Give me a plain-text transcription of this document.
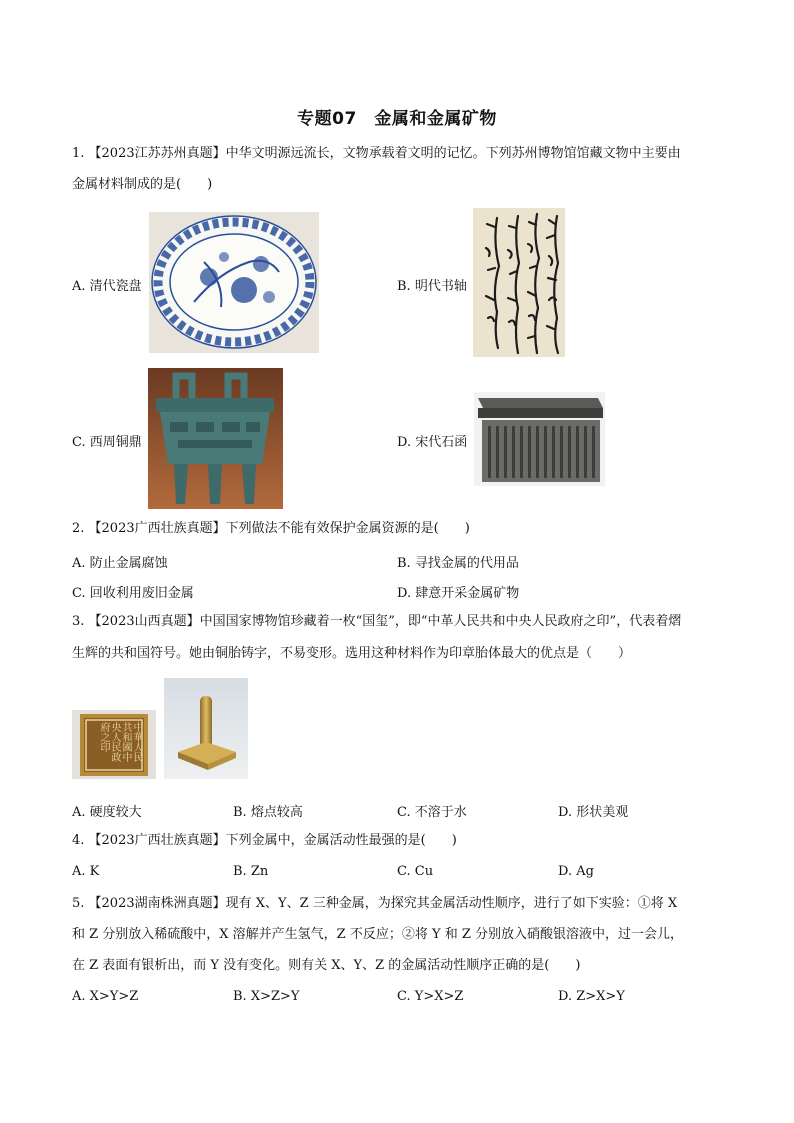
专题07　金属和金属矿物
1. 【2023江苏苏州真题】中华文明源远流长，文物承载着文明的记忆。下列苏州博物馆馆藏文物中主要由
金属材料制成的是(　　)
A. 清代瓷盘	B. 明代书轴
C. 西周铜鼎	D. 宋代石函
2. 【2023广西壮族真题】下列做法不能有效保护金属资源的是(　　)
A. 防止金属腐蚀	B. 寻找金属的代用品
C. 回收利用废旧金属	D. 肆意开采金属矿物
3. 【2023山西真题】中国国家博物馆珍藏着一枚“国玺”，即“中革人民共和中央人民政府之印”，代表着熠
生辉的共和国符号。她由铜胎铸字，不易变形。选用这种材料作为印章胎体最大的优点是（　　）
中華人民共和國中央人民政府之印
A. 硬度较大	B. 熔点较高	C. 不溶于水	D. 形状美观
4. 【2023广西壮族真题】下列金属中，金属活动性最强的是(　　)
A. K	B. Zn	C. Cu	D. Ag
5. 【2023湖南株洲真题】现有 X、Y、Z 三种金属，为探究其金属活动性顺序，进行了如下实验：①将 X
和 Z 分别放入稀硫酸中，X 溶解并产生氢气，Z 不反应；②将 Y 和 Z 分别放入硝酸银溶液中，过一会儿，
在 Z 表面有银析出，而 Y 没有变化。则有关 X、Y、Z 的金属活动性顺序正确的是(　　)
A. X>Y>Z	B. X>Z>Y	C. Y>X>Z	D. Z>X>Y
